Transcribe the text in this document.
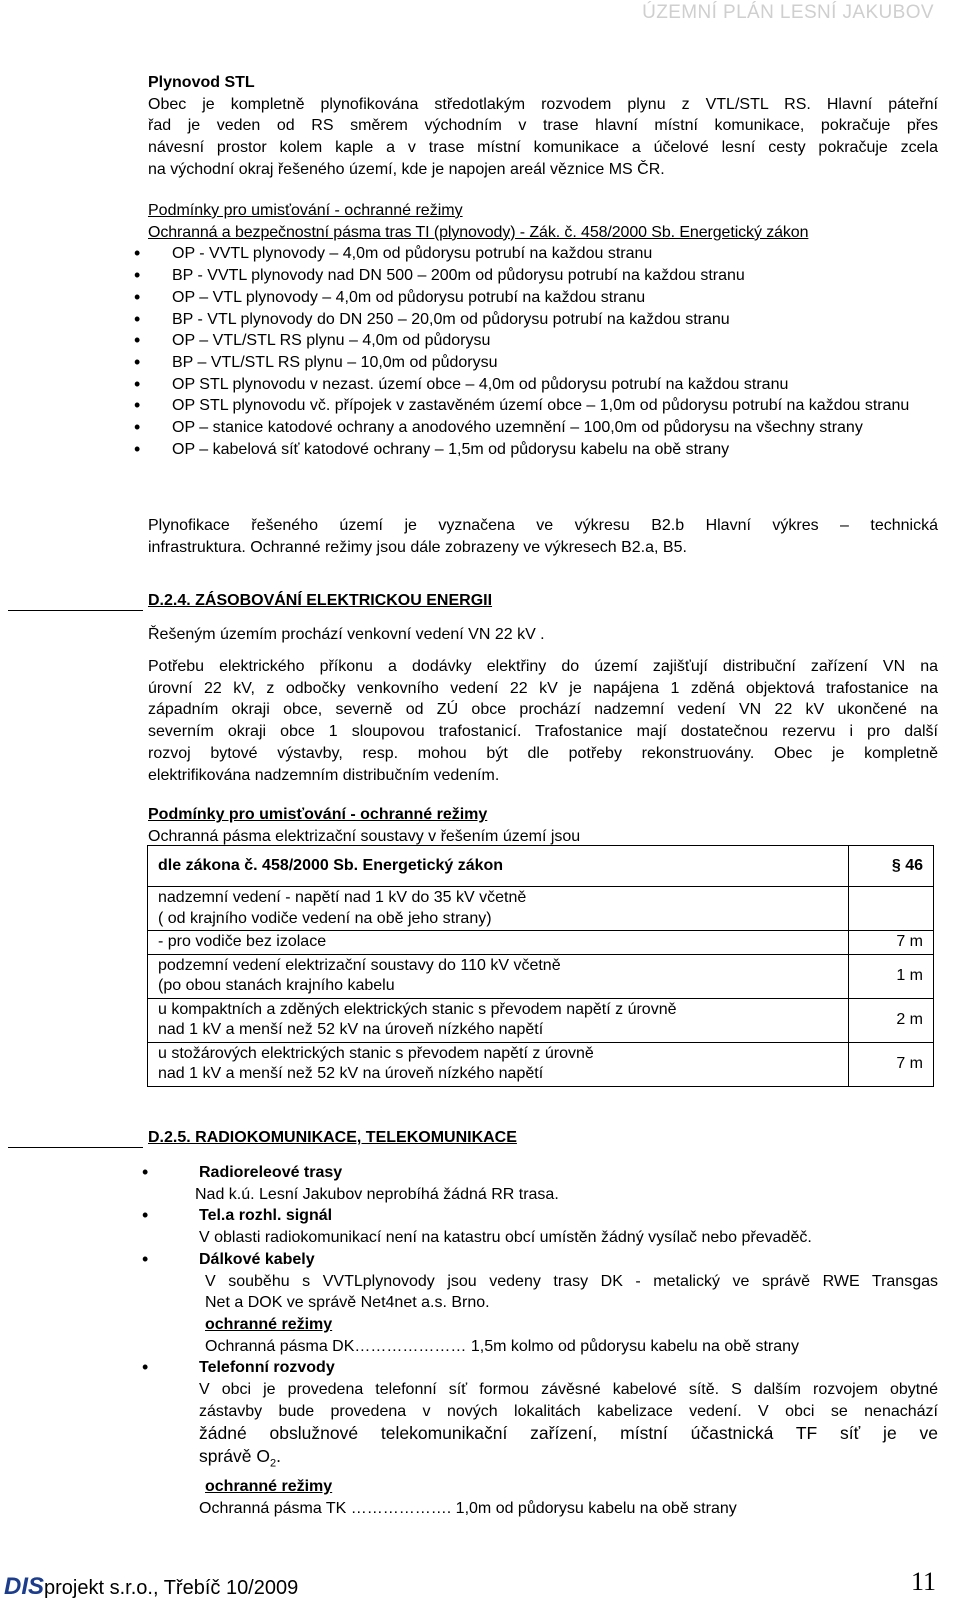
ÚZEMNÍ PLÁN LESNÍ JAKUBOV

Plynovod STL

Obec je kompletně plynofikována středotlakým rozvodem plynu z VTL/STL RS. Hlavní páteřní

řad je veden od RS směrem východním v trase hlavní místní komunikace, pokračuje přes

návesní prostor kolem kaple a v trase místní komunikace a účelové lesní cesty pokračuje zcela

na východní okraj řešeného území, kde je napojen areál věznice MS ČR.

Podmínky pro umisťování - ochranné režimy

Ochranná a bezpečnostní pásma tras TI (plynovody) - Zák. č. 458/2000 Sb. Energetický zákon

• OP - VVTL plynovody – 4,0m od půdorysu potrubí na každou stranu
• BP - VVTL plynovody nad DN 500 – 200m od půdorysu potrubí na každou stranu
• OP – VTL plynovody – 4,0m od půdorysu potrubí na každou stranu
• BP - VTL plynovody do DN 250 – 20,0m od půdorysu potrubí na každou stranu
• OP – VTL/STL RS plynu – 4,0m od půdorysu
• BP – VTL/STL RS plynu – 10,0m od půdorysu
• OP STL plynovodu v nezast. území obce – 4,0m od půdorysu potrubí na každou stranu
• OP STL plynovodu vč. přípojek v zastavěném území obce – 1,0m od půdorysu potrubí na každou stranu
• OP – stanice katodové ochrany a anodového uzemnění – 100,0m od půdorysu na všechny strany
• OP – kabelová síť katodové ochrany – 1,5m od půdorysu kabelu na obě strany

Plynofikace řešeného území je vyznačena ve výkresu B2.b Hlavní výkres – technická

infrastruktura. Ochranné režimy jsou dále zobrazeny ve výkresech B2.a, B5.

D.2.4. ZÁSOBOVÁNÍ ELEKTRICKOU ENERGII

Řešeným územím prochází venkovní vedení VN 22 kV .

Potřebu elektrického příkonu a dodávky elektřiny do území zajišťují distribuční zařízení VN na

úrovní 22 kV, z odbočky venkovního vedení 22 kV je napájena 1 zděná objektová trafostanice na

západním okraji obce, severně od ZÚ obce prochází nadzemní vedení VN 22 kV ukončené na

severním okraji obce 1 sloupovou trafostanicí. Trafostanice mají dostatečnou rezervu i pro další

rozvoj bytové výstavby, resp. mohou být dle potřeby rekonstruovány. Obec je kompletně

elektrifikována nadzemním distribučním vedením.

Podmínky pro umisťování - ochranné režimy

Ochranná pásma elektrizační soustavy v řešením území jsou

dle zákona č. 458/2000 Sb. Energetický zákon	§ 46
nadzemní vedení - napětí nad 1 kV do 35 kV včetně
( od krajního vodiče vedení na obě jeho strany)	
- pro vodiče bez izolace	7 m
podzemní vedení elektrizační soustavy do 110 kV včetně
(po obou stanách krajního kabelu	1 m
u kompaktních a zděných elektrických stanic s převodem napětí z úrovně
nad 1 kV a menší než 52 kV na úroveň nízkého napětí	2 m
u stožárových elektrických stanic s převodem napětí z úrovně
nad 1 kV a menší než 52 kV na úroveň nízkého napětí	7 m
D.2.5. RADIOKOMUNIKACE, TELEKOMUNIKACE
• Radioreleové trasy
Nad k.ú. Lesní Jakubov neprobíhá žádná RR trasa.
• Tel.a rozhl. signál
V oblasti radiokomunikací není na katastru obcí umístěn žádný vysílač nebo převaděč.
• Dálkové kabely
V souběhu s VVTLplynovody jsou vedeny trasy DK - metalický ve správě RWE Transgas
Net a DOK ve správě Net4net a.s. Brno.
ochranné režimy
Ochranná pásma DK………………… 1,5m kolmo od půdorysu kabelu na obě strany
• Telefonní rozvody
V obci je provedena telefonní síť formou závěsné kabelové sítě. S dalším rozvojem obytné
zástavby bude provedena v nových lokalitách kabelizace vedení. V obci se nenachází
žádné obslužnové telekomunikační zařízení, místní účastnická TF síť je ve
správě $O_2$.
ochranné režimy
Ochranná pásma TK ………………. 1,0m od půdorysu kabelu na obě strany
DISprojekt s.r.o., Třebíč 10/2009	11
